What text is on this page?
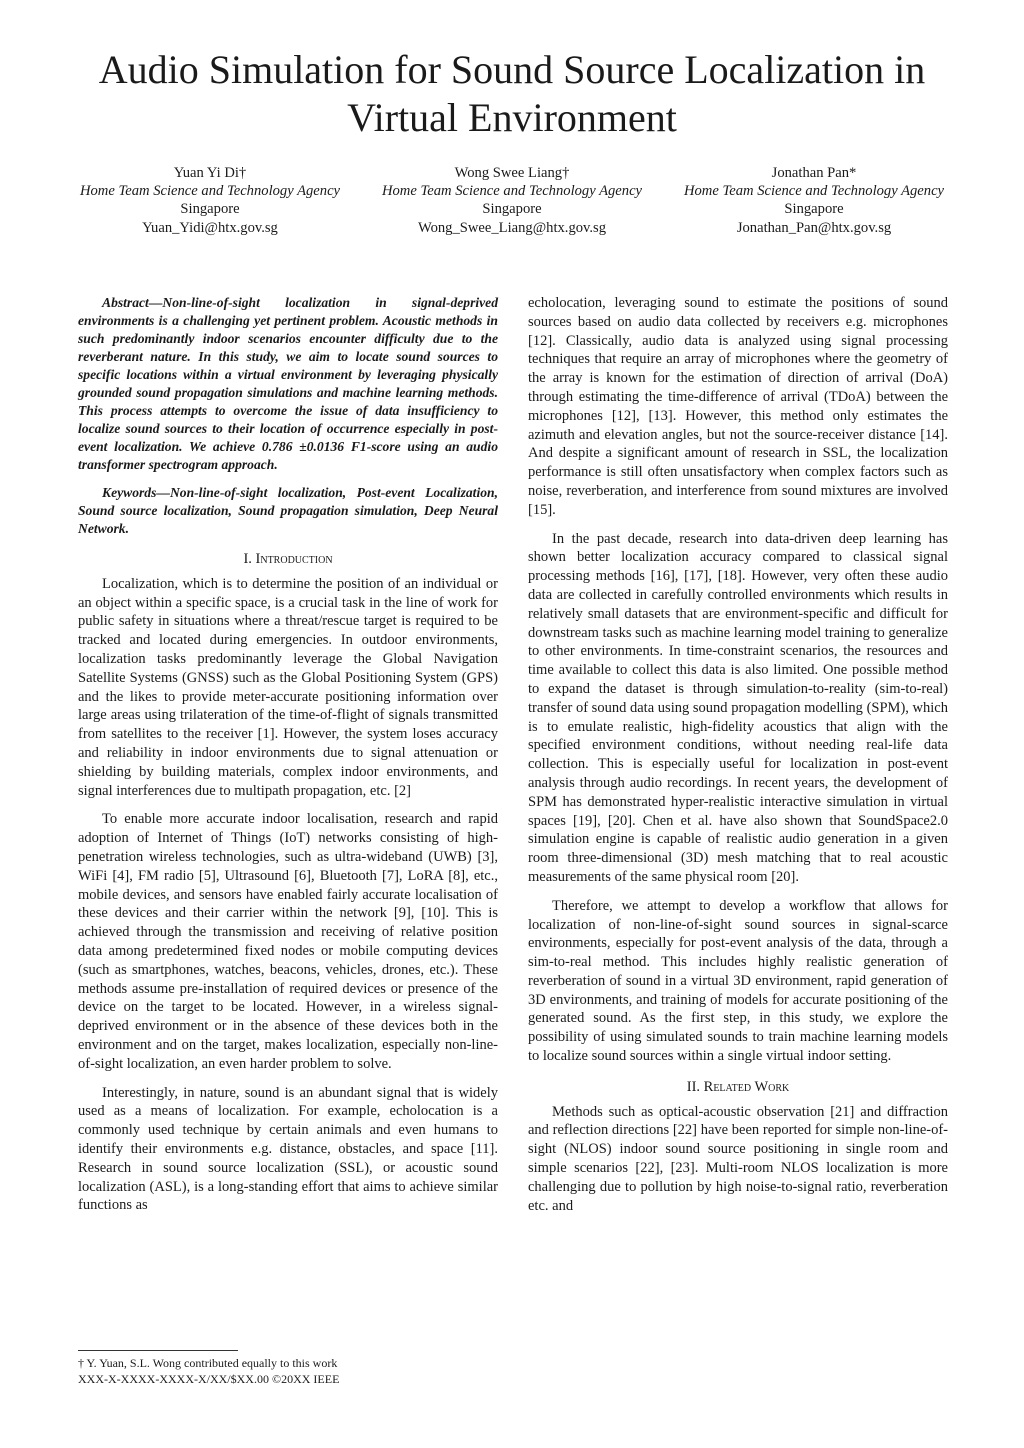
Audio Simulation for Sound Source Localization in Virtual Environment
Yuan Yi Di†
Home Team Science and Technology Agency
Singapore
Yuan_Yidi@htx.gov.sg
Wong Swee Liang†
Home Team Science and Technology Agency
Singapore
Wong_Swee_Liang@htx.gov.sg
Jonathan Pan*
Home Team Science and Technology Agency
Singapore
Jonathan_Pan@htx.gov.sg

Abstract—Non-line-of-sight localization in signal-deprived environments is a challenging yet pertinent problem. Acoustic methods in such predominantly indoor scenarios encounter difficulty due to the reverberant nature. In this study, we aim to locate sound sources to specific locations within a virtual environment by leveraging physically grounded sound propagation simulations and machine learning methods. This process attempts to overcome the issue of data insufficiency to localize sound sources to their location of occurrence especially in post-event localization. We achieve 0.786 ±0.0136 F1-score using an audio transformer spectrogram approach.

Keywords—Non-line-of-sight localization, Post-event Localization, Sound source localization, Sound propagation simulation, Deep Neural Network.

I. Introduction

Localization, which is to determine the position of an individual or an object within a specific space, is a crucial task in the line of work for public safety in situations where a threat/rescue target is required to be tracked and located during emergencies. In outdoor environments, localization tasks predominantly leverage the Global Navigation Satellite Systems (GNSS) such as the Global Positioning System (GPS) and the likes to provide meter-accurate positioning information over large areas using trilateration of the time-of-flight of signals transmitted from satellites to the receiver [1]. However, the system loses accuracy and reliability in indoor environments due to signal attenuation or shielding by building materials, complex indoor environments, and signal interferences due to multipath propagation, etc. [2]

To enable more accurate indoor localisation, research and rapid adoption of Internet of Things (IoT) networks consisting of high-penetration wireless technologies, such as ultra-wideband (UWB) [3], WiFi [4], FM radio [5], Ultrasound [6], Bluetooth [7], LoRA [8], etc., mobile devices, and sensors have enabled fairly accurate localisation of these devices and their carrier within the network [9], [10]. This is achieved through the transmission and receiving of relative position data among predetermined fixed nodes or mobile computing devices (such as smartphones, watches, beacons, vehicles, drones, etc.). These methods assume pre-installation of required devices or presence of the device on the target to be located. However, in a wireless signal-deprived environment or in the absence of these devices both in the environment and on the target, makes localization, especially non-line-of-sight localization, an even harder problem to solve.

Interestingly, in nature, sound is an abundant signal that is widely used as a means of localization. For example, echolocation is a commonly used technique by certain animals and even humans to identify their environments e.g. distance, obstacles, and space [11]. Research in sound source localization (SSL), or acoustic sound localization (ASL), is a long-standing effort that aims to achieve similar functions as

echolocation, leveraging sound to estimate the positions of sound sources based on audio data collected by receivers e.g. microphones [12]. Classically, audio data is analyzed using signal processing techniques that require an array of microphones where the geometry of the array is known for the estimation of direction of arrival (DoA) through estimating the time-difference of arrival (TDoA) between the microphones [12], [13]. However, this method only estimates the azimuth and elevation angles, but not the source-receiver distance [14]. And despite a significant amount of research in SSL, the localization performance is still often unsatisfactory when complex factors such as noise, reverberation, and interference from sound mixtures are involved [15].

In the past decade, research into data-driven deep learning has shown better localization accuracy compared to classical signal processing methods [16], [17], [18]. However, very often these audio data are collected in carefully controlled environments which results in relatively small datasets that are environment-specific and difficult for downstream tasks such as machine learning model training to generalize to other environments. In time-constraint scenarios, the resources and time available to collect this data is also limited. One possible method to expand the dataset is through simulation-to-reality (sim-to-real) transfer of sound data using sound propagation modelling (SPM), which is to emulate realistic, high-fidelity acoustics that align with the specified environment conditions, without needing real-life data collection. This is especially useful for localization in post-event analysis through audio recordings. In recent years, the development of SPM has demonstrated hyper-realistic interactive simulation in virtual spaces [19], [20]. Chen et al. have also shown that SoundSpace2.0 simulation engine is capable of realistic audio generation in a given room three-dimensional (3D) mesh matching that to real acoustic measurements of the same physical room [20].

Therefore, we attempt to develop a workflow that allows for localization of non-line-of-sight sound sources in signal-scarce environments, especially for post-event analysis of the data, through a sim-to-real method. This includes highly realistic generation of reverberation of sound in a virtual 3D environment, rapid generation of 3D environments, and training of models for accurate positioning of the generated sound. As the first step, in this study, we explore the possibility of using simulated sounds to train machine learning models to localize sound sources within a single virtual indoor setting.

II. Related Work

Methods such as optical-acoustic observation [21] and diffraction and reflection directions [22] have been reported for simple non-line-of-sight (NLOS) indoor sound source positioning in single room and simple scenarios [22], [23]. Multi-room NLOS localization is more challenging due to pollution by high noise-to-signal ratio, reverberation etc. and

† Y. Yuan, S.L. Wong contributed equally to this work
XXX-X-XXXX-XXXX-X/XX/$XX.00 ©20XX IEEE
